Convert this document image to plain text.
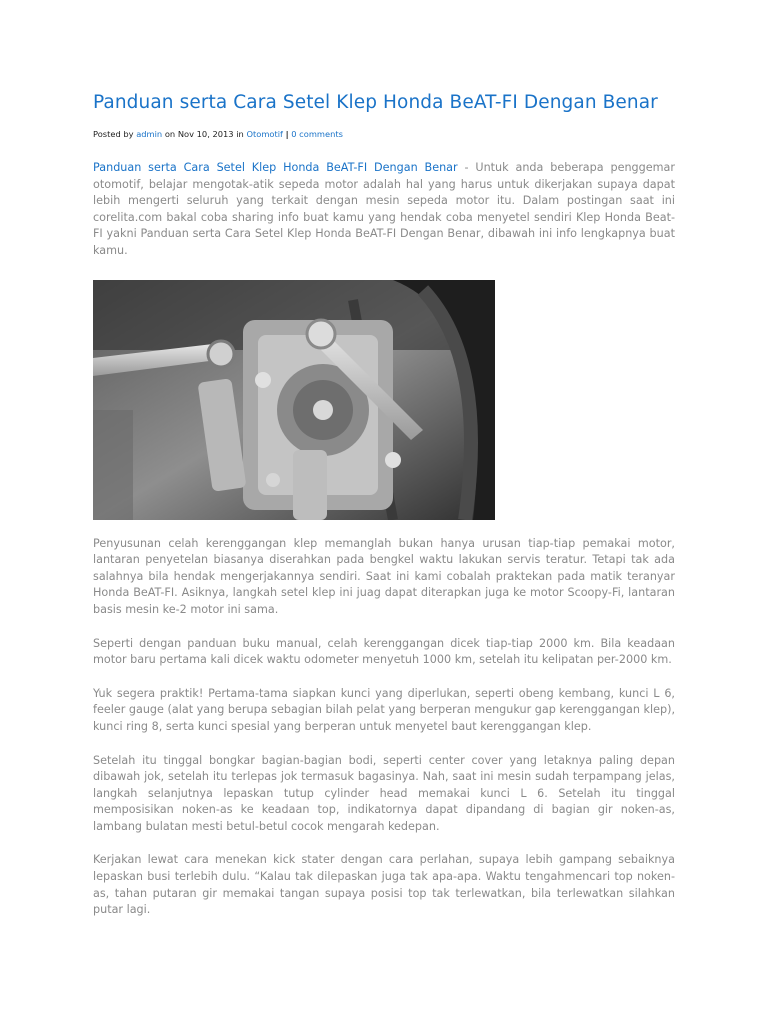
Panduan serta Cara Setel Klep Honda BeAT-FI Dengan Benar
Posted by admin on Nov 10, 2013 in Otomotif | 0 comments

Panduan serta Cara Setel Klep Honda BeAT-FI Dengan Benar - Untuk anda beberapa penggemar otomotif, belajar mengotak-atik sepeda motor adalah hal yang harus untuk dikerjakan supaya dapat lebih mengerti seluruh yang terkait dengan mesin sepeda motor itu. Dalam postingan saat ini corelita.com bakal coba sharing info buat kamu yang hendak coba menyetel sendiri Klep Honda Beat-FI yakni Panduan serta Cara Setel Klep Honda BeAT-FI Dengan Benar, dibawah ini info lengkapnya buat kamu.

Penyusunan celah kerenggangan klep memanglah bukan hanya urusan tiap-tiap pemakai motor, lantaran penyetelan biasanya diserahkan pada bengkel waktu lakukan servis teratur. Tetapi tak ada salahnya bila hendak mengerjakannya sendiri. Saat ini kami cobalah praktekan pada matik teranyar Honda BeAT-FI. Asiknya, langkah setel klep ini juag dapat diterapkan juga ke motor Scoopy-Fi, lantaran basis mesin ke-2 motor ini sama.

Seperti dengan panduan buku manual, celah kerenggangan dicek tiap-tiap 2000 km. Bila keadaan motor baru pertama kali dicek waktu odometer menyetuh 1000 km, setelah itu kelipatan per-2000 km.

Yuk segera praktik! Pertama-tama siapkan kunci yang diperlukan, seperti obeng kembang, kunci L 6, feeler gauge (alat yang berupa sebagian bilah pelat yang berperan mengukur gap kerenggangan klep), kunci ring 8, serta kunci spesial yang berperan untuk menyetel baut kerenggangan klep.

Setelah itu tinggal bongkar bagian-bagian bodi, seperti center cover yang letaknya paling depan dibawah jok, setelah itu terlepas jok termasuk bagasinya. Nah, saat ini mesin sudah terpampang jelas, langkah selanjutnya lepaskan tutup cylinder head memakai kunci L 6. Setelah itu tinggal memposisikan noken-as ke keadaan top, indikatornya dapat dipandang di bagian gir noken-as, lambang bulatan mesti betul-betul cocok mengarah kedepan.

Kerjakan lewat cara menekan kick stater dengan cara perlahan, supaya lebih gampang sebaiknya lepaskan busi terlebih dulu. “Kalau tak dilepaskan juga tak apa-apa. Waktu tengahmencari top noken-as, tahan putaran gir memakai tangan supaya posisi top tak terlewatkan, bila terlewatkan silahkan putar lagi.
